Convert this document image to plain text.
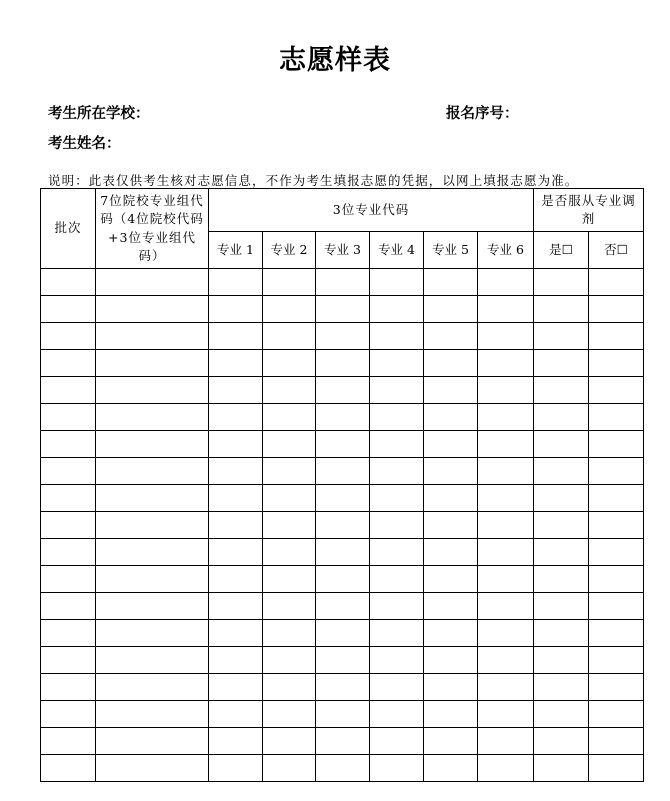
志愿样表
考生所在学校：	报名序号：
考生姓名：
说明：此表仅供考生核对志愿信息，不作为考生填报志愿的凭据，以网上填报志愿为准。
批次	7位院校专业组代码（4位院校代码+3位专业组代码）	3位专业代码						是否服从专业调剂	
		专业 1	专业 2	专业 3	专业 4	专业 5	专业 6	是☐	否☐
